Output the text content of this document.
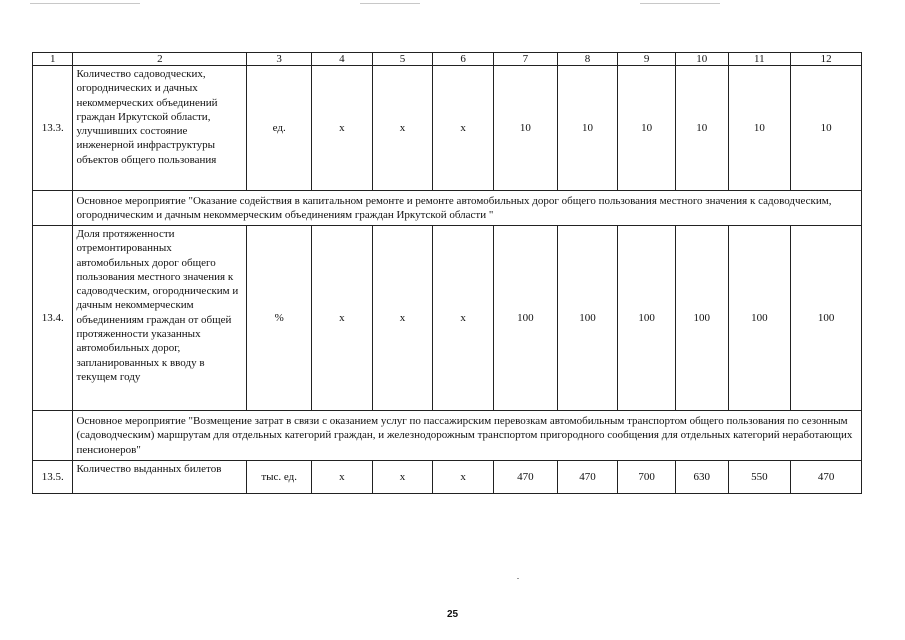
1	2	3	4	5	6	7	8	9	10	11	12
13.3.	Количество садоводческих, огороднических и дачных некоммерческих объединений граждан Иркутской области, улучшивших состояние инженерной инфраструктуры объектов общего пользования	ед.	х	х	х	10	10	10	10	10	10
	Основное мероприятие "Оказание содействия в капитальном ремонте и ремонте автомобильных дорог общего пользования местного значения к садоводческим, огородническим и дачным некоммерческим объединениям граждан Иркутской области "										
13.4.	Доля протяженности отремонтированных автомобильных дорог общего пользования местного значения к садоводческим, огородническим и дачным некоммерческим объединениям граждан от общей протяженности указанных автомобильных дорог, запланированных к вводу в текущем году	%	х	х	х	100	100	100	100	100	100
	Основное мероприятие "Возмещение затрат в связи с оказанием услуг по пассажирским перевозкам автомобильным транспортом общего пользования по сезонным (садоводческим) маршрутам для отдельных категорий граждан, и железнодорожным транспортом пригородного сообщения для отдельных категорий неработающих пенсионеров"										
13.5.	Количество выданных билетов	тыс. ед.	х	х	х	470	470	700	630	550	470
25
